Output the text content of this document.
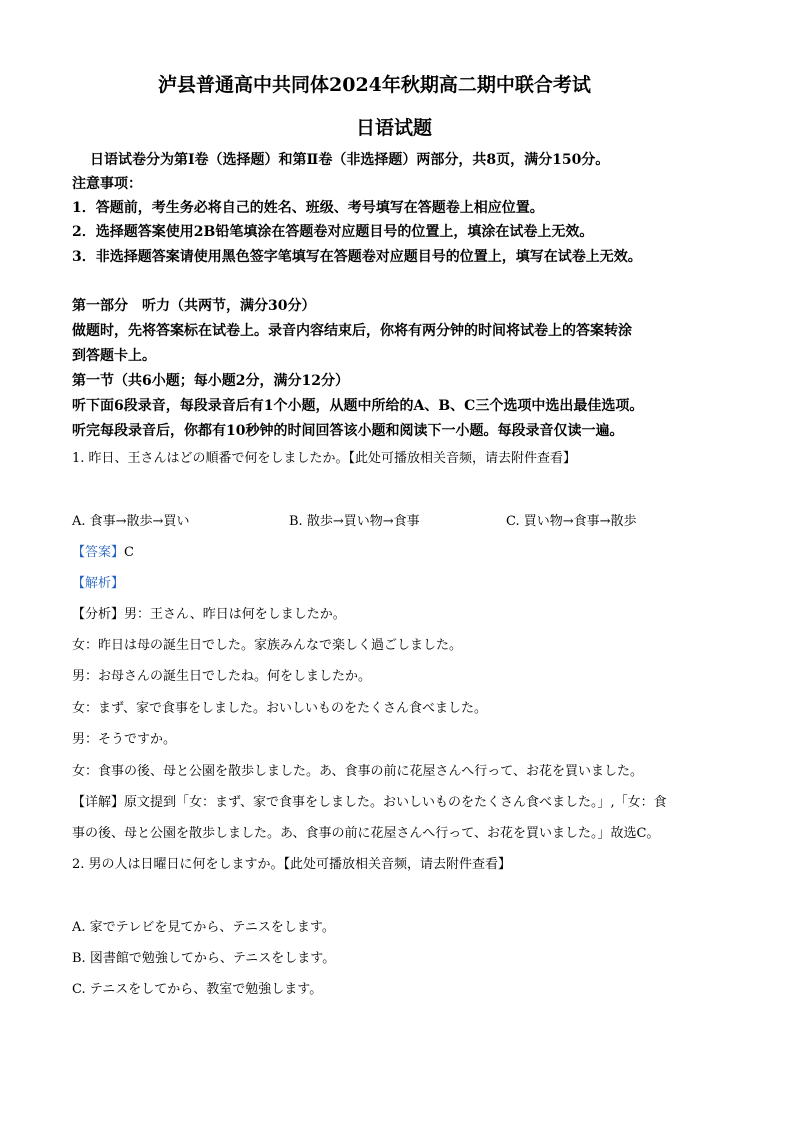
泸县普通高中共同体2024年秋期高二期中联合考试
日语试题
日语试卷分为第Ⅰ卷（选择题）和第Ⅱ卷（非选择题）两部分，共8页，满分150分。
注意事项：
1．答题前，考生务必将自己的姓名、班级、考号填写在答题卷上相应位置。
2．选择题答案使用2B铅笔填涂在答题卷对应题目号的位置上，填涂在试卷上无效。
3．非选择题答案请使用黑色签字笔填写在答题卷对应题目号的位置上，填写在试卷上无效。
第一部分　听力（共两节，满分30分）
做题时，先将答案标在试卷上。录音内容结束后，你将有两分钟的时间将试卷上的答案转涂
到答题卡上。
第一节（共6小题；每小题2分，满分12分）
听下面6段录音，每段录音后有1个小题，从题中所给的A、B、C三个选项中选出最佳选项。
听完每段录音后，你都有10秒钟的时间回答该小题和阅读下一小题。每段录音仅读一遍。
1. 昨日、王さんはどの順番で何をしましたか。【此处可播放相关音频，请去附件查看】
A. 食事→散歩→買い	B. 散歩→買い物→食事	C. 買い物→食事→散歩
【答案】C
【解析】
【分析】男：王さん、昨日は何をしましたか。
女：昨日は母の誕生日でした。家族みんなで楽しく過ごしました。
男：お母さんの誕生日でしたね。何をしましたか。
女：まず、家で食事をしました。おいしいものをたくさん食べました。
男：そうですか。
女：食事の後、母と公園を散歩しました。あ、食事の前に花屋さんへ行って、お花を買いました。
【详解】原文提到「女：まず、家で食事をしました。おいしいものをたくさん食べました。」,「女：食
事の後、母と公園を散歩しました。あ、食事の前に花屋さんへ行って、お花を買いました。」故选C。
2. 男の人は日曜日に何をしますか。【此处可播放相关音频，请去附件查看】
A. 家でテレビを見てから、テニスをします。
B. 図書館で勉強してから、テニスをします。
C. テニスをしてから、教室で勉強します。
